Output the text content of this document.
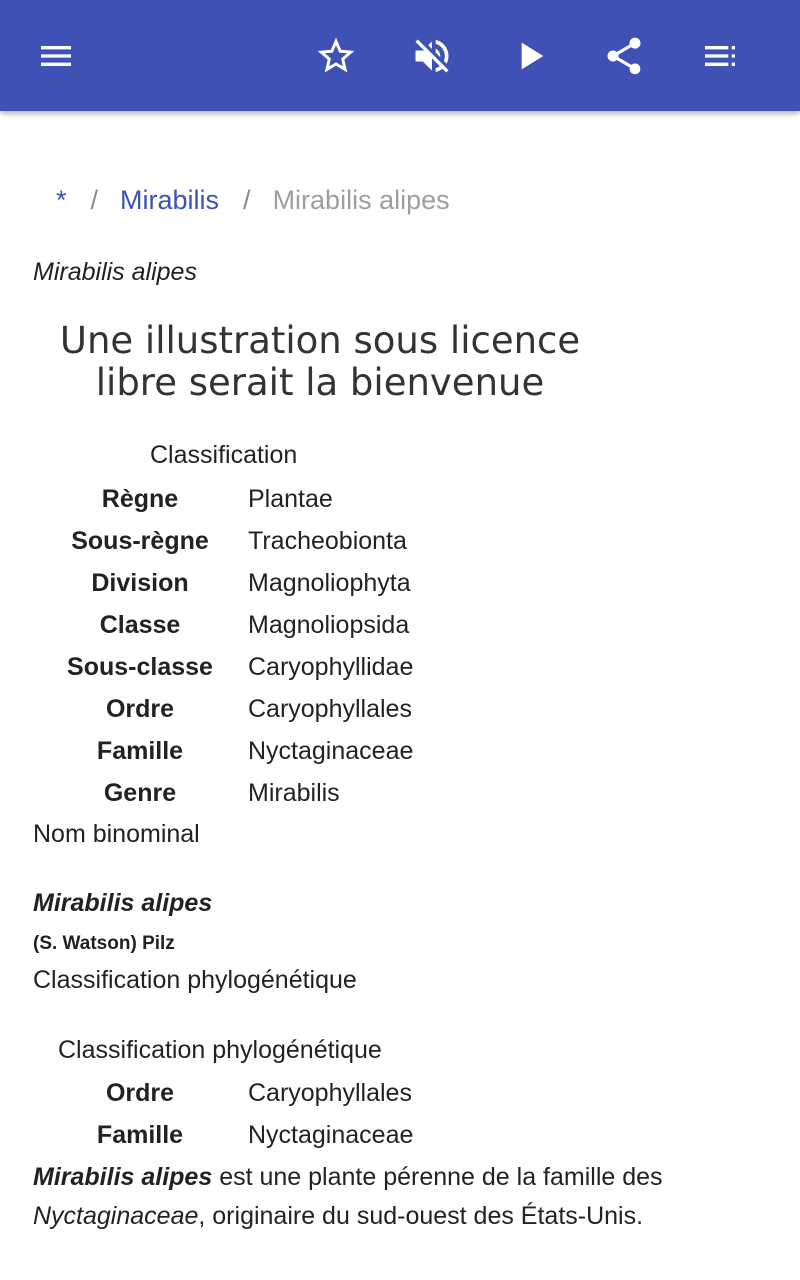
* / Mirabilis / Mirabilis alipes
Mirabilis alipes
Une illustration sous licence
libre serait la bienvenue
Classification
Règne	Plantae
Sous-règne	Tracheobionta
Division	Magnoliophyta
Classe	Magnoliopsida
Sous-classe	Caryophyllidae
Ordre	Caryophyllales
Famille	Nyctaginaceae
Genre	Mirabilis
Nom binominal
Mirabilis alipes
(S. Watson) Pilz
Classification phylogénétique
Classification phylogénétique
Ordre	Caryophyllales
Famille	Nyctaginaceae
Mirabilis alipes est une plante pérenne de la famille des
Nyctaginaceae, originaire du sud-ouest des États-Unis.
